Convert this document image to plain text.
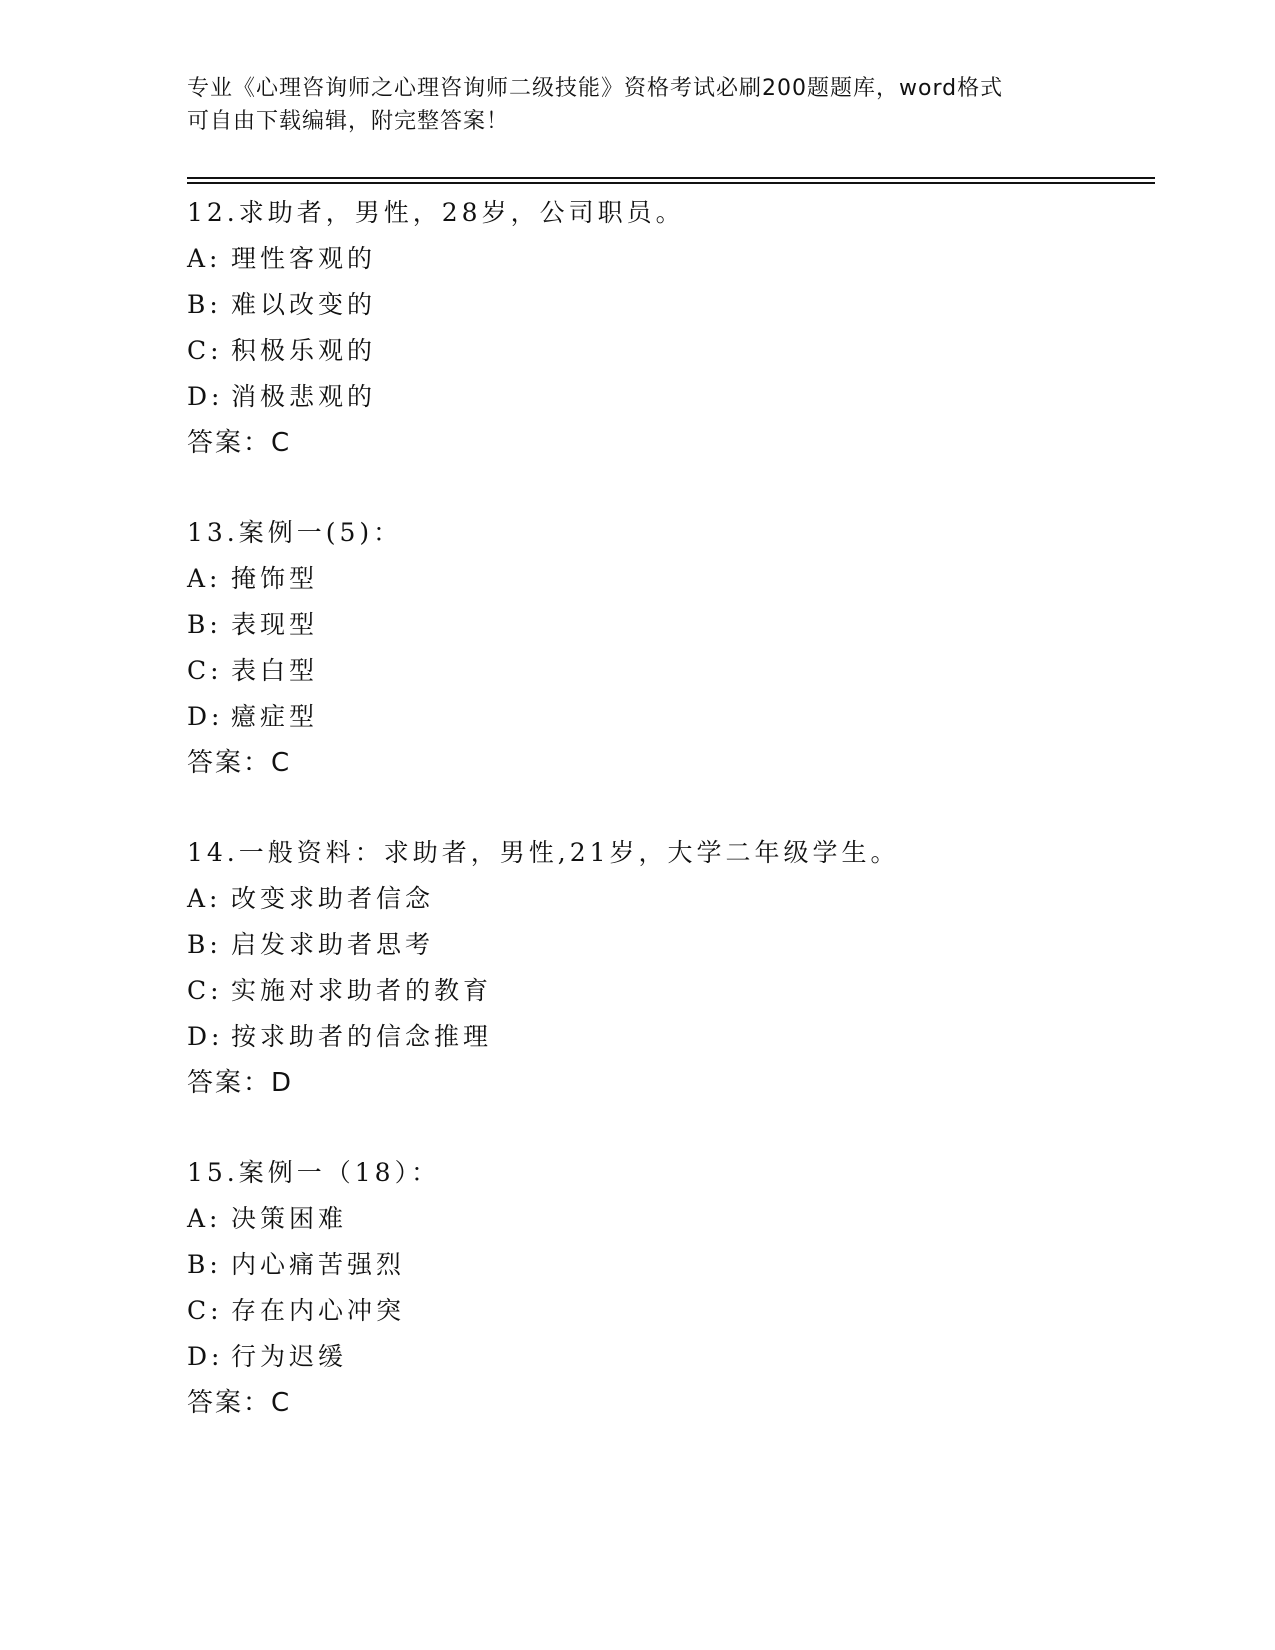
专业《心理咨询师之心理咨询师二级技能》资格考试必刷200题题库，word格式
可自由下载编辑，附完整答案！
12.求助者，男性，28岁，公司职员。
A: 理性客观的
B: 难以改变的
C: 积极乐观的
D: 消极悲观的
答案：C
13.案例一(5)：
A: 掩饰型
B: 表现型
C: 表白型
D: 癔症型
答案：C
14.一般资料：求助者，男性,21岁，大学二年级学生。
A: 改变求助者信念
B: 启发求助者思考
C: 实施对求助者的教育
D: 按求助者的信念推理
答案：D
15.案例一（18）：
A: 决策困难
B: 内心痛苦强烈
C: 存在内心冲突
D: 行为迟缓
答案：C
